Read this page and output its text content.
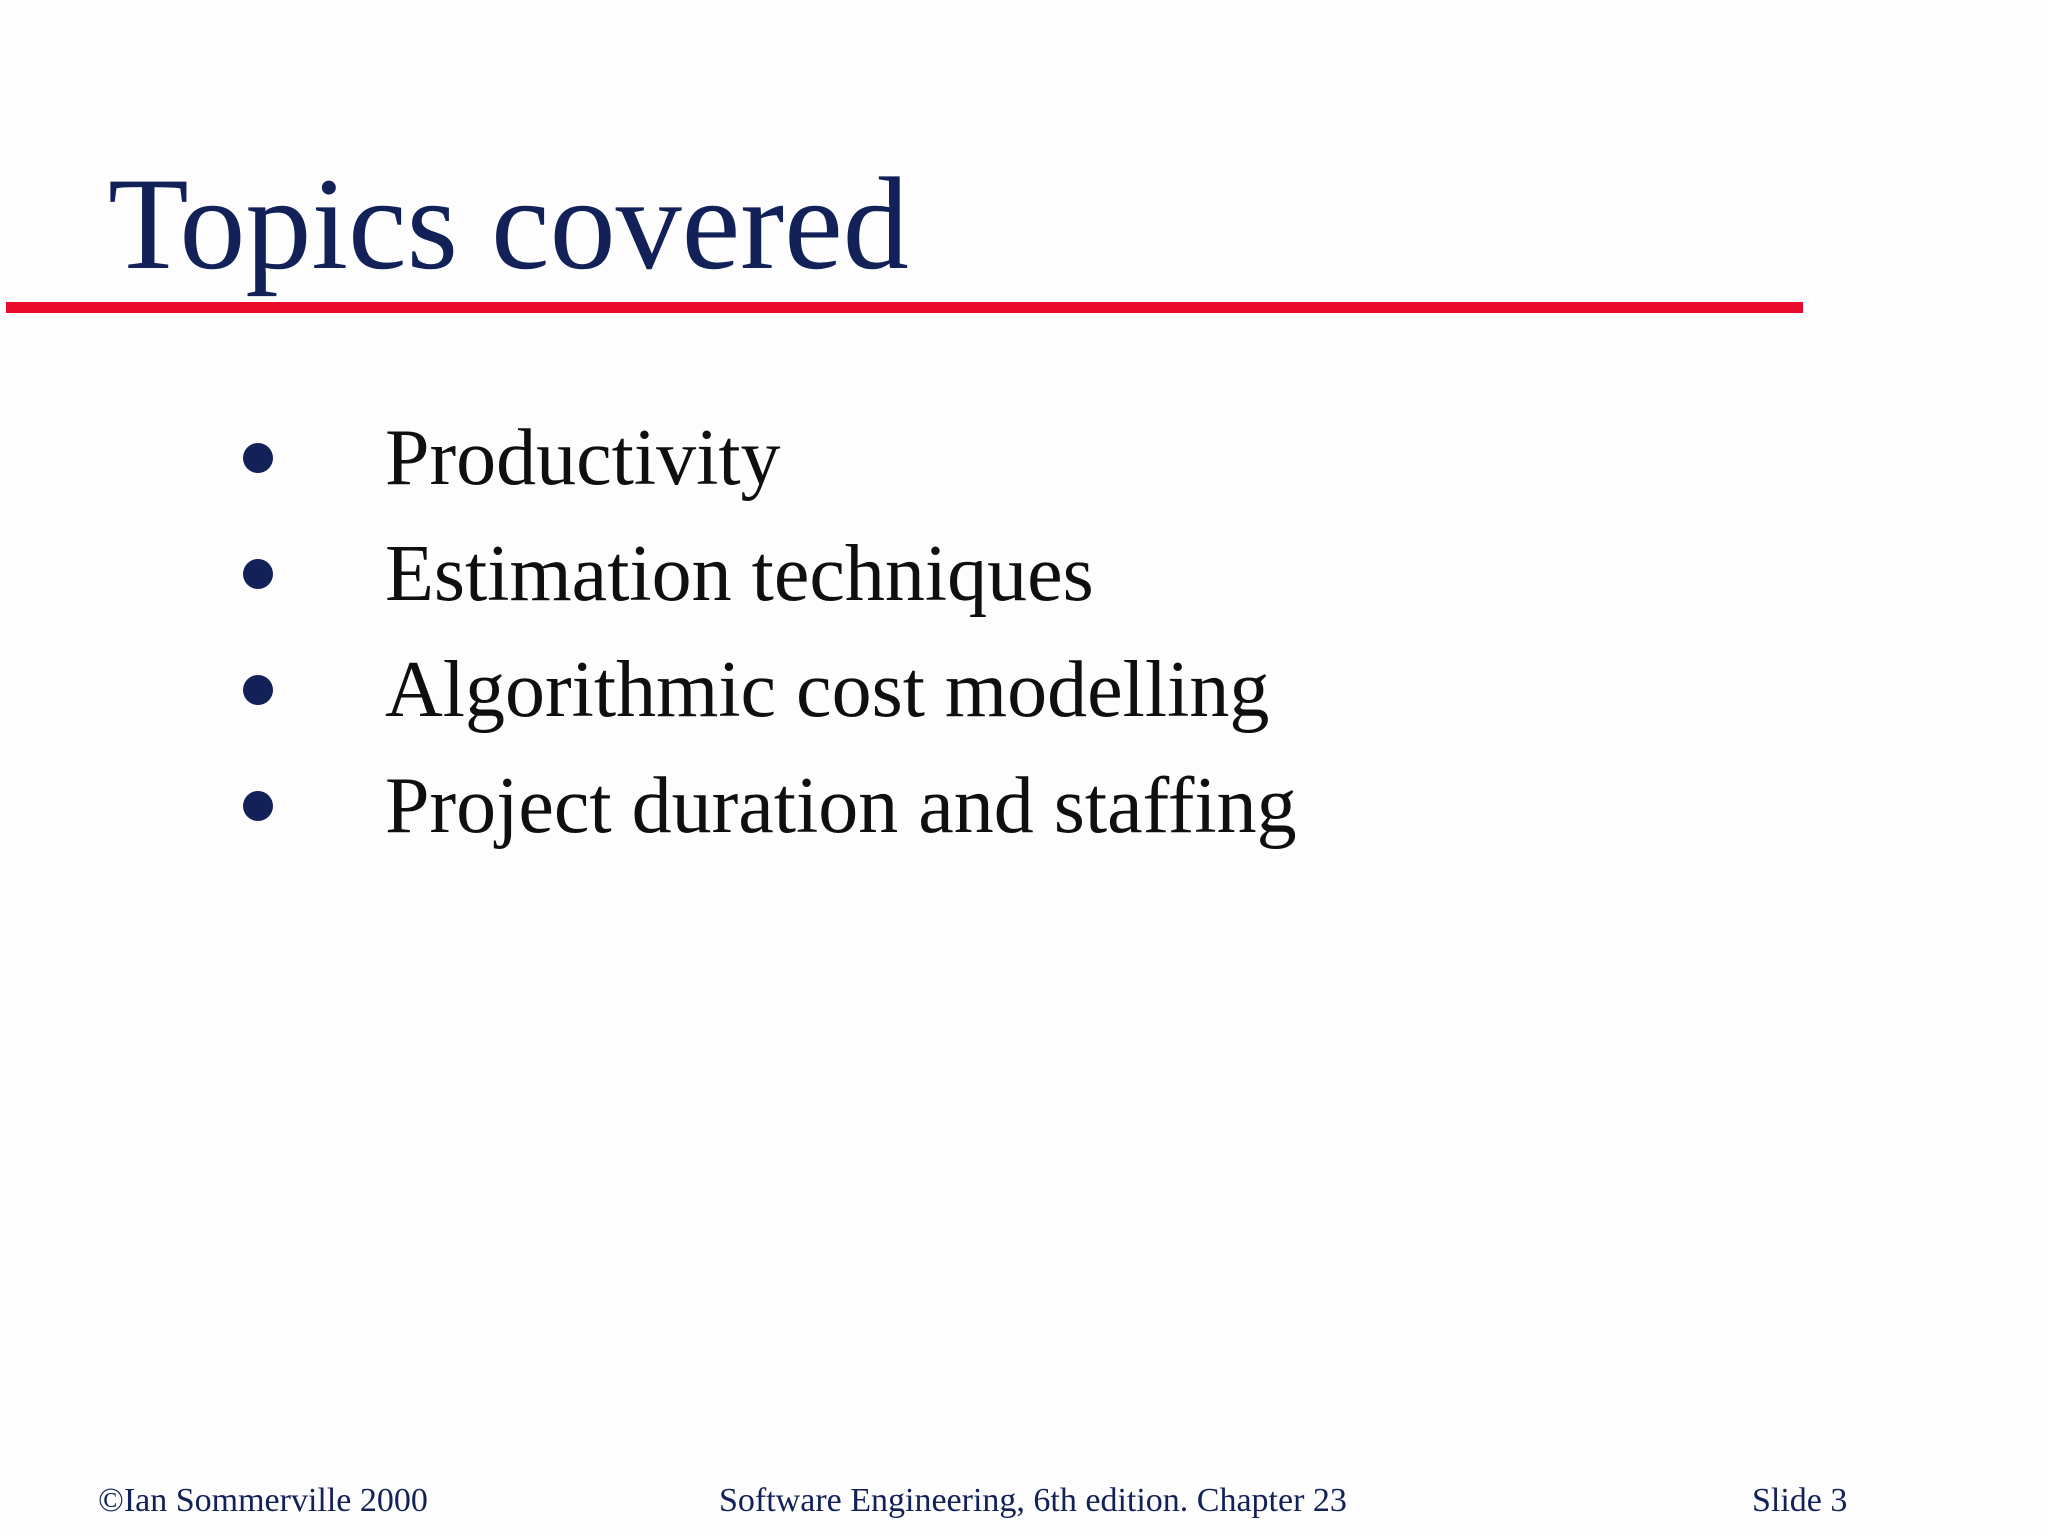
Topics covered
Productivity
Estimation techniques
Algorithmic cost modelling
Project duration and staffing
©Ian Sommerville 2000	Software Engineering, 6th edition. Chapter 23	Slide 3
